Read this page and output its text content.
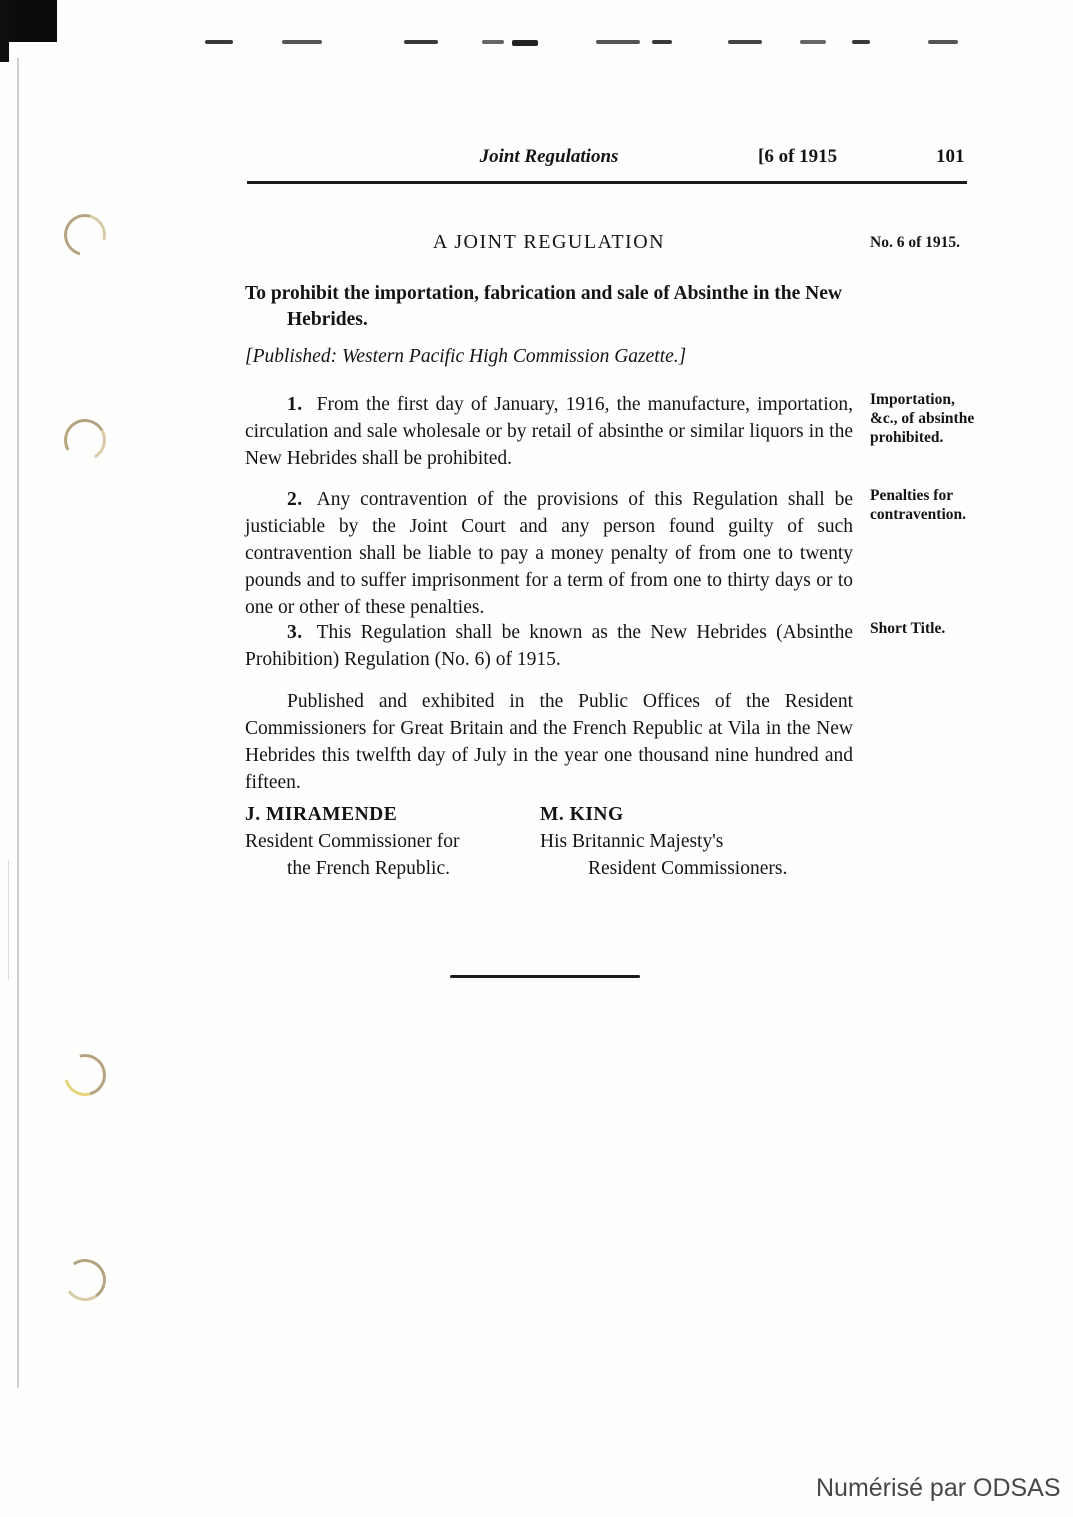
Joint Regulations	[6 of 1915	101
A JOINT REGULATION	No. 6 of 1915.
To prohibit the importation, fabrication and sale of Absinthe in the New Hebrides.
[Published: Western Pacific High Commission Gazette.]
1. From the first day of January, 1916, the manufacture, importation, circulation and sale wholesale or by retail of absinthe or similar liquors in the New Hebrides shall be prohibited.
Importation, &c., of absinthe prohibited.
2. Any contravention of the provisions of this Regulation shall be justiciable by the Joint Court and any person found guilty of such contravention shall be liable to pay a money penalty of from one to twenty pounds and to suffer imprisonment for a term of from one to thirty days or to one or other of these penalties.
Penalties for contravention.
3. This Regulation shall be known as the New Hebrides (Absinthe Prohibition) Regulation (No. 6) of 1915.
Short Title.
Published and exhibited in the Public Offices of the Resident Commissioners for Great Britain and the French Republic at Vila in the New Hebrides this twelfth day of July in the year one thousand nine hundred and fifteen.
J. MIRAMENDE
Resident Commissioner for
the French Republic.
M. KING
His Britannic Majesty's
Resident Commissioners.
Numérisé par ODSAS
